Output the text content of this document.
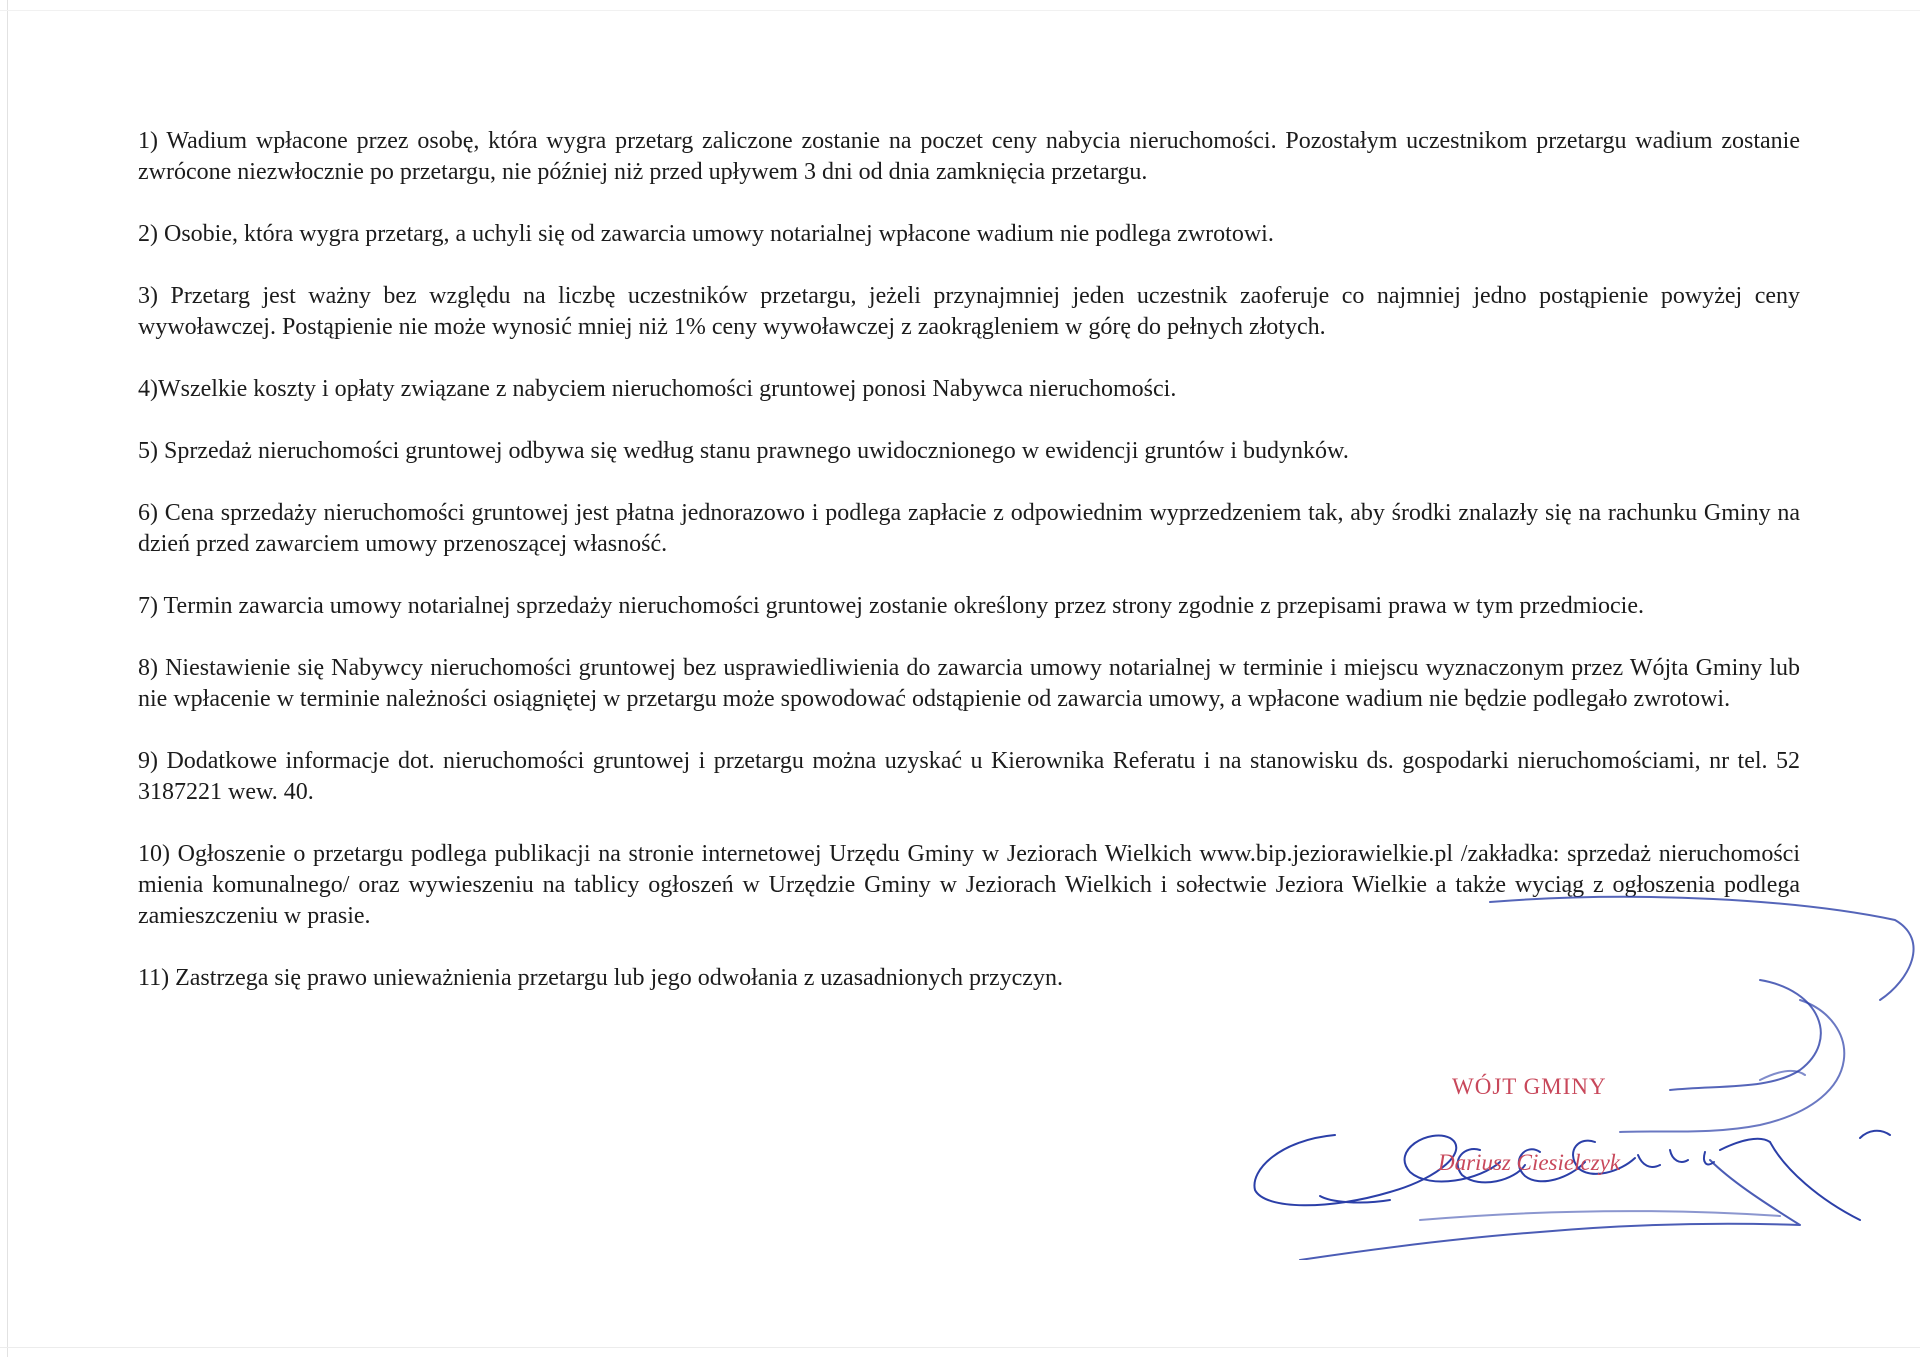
1) Wadium wpłacone przez osobę, która wygra przetarg zaliczone zostanie na poczet ceny nabycia nieruchomości. Pozostałym uczestnikom przetargu wadium zostanie zwrócone niezwłocznie po przetargu, nie później niż przed upływem 3 dni od dnia zamknięcia przetargu.

2) Osobie, która wygra przetarg, a uchyli się od zawarcia umowy notarialnej wpłacone wadium nie podlega zwrotowi.

3) Przetarg jest ważny bez względu na liczbę uczestników przetargu, jeżeli przynajmniej jeden uczestnik zaoferuje co najmniej jedno postąpienie powyżej ceny wywoławczej. Postąpienie nie może wynosić mniej niż 1% ceny wywoławczej z zaokrągleniem w górę do pełnych złotych.

4)Wszelkie koszty i opłaty związane z nabyciem nieruchomości gruntowej ponosi Nabywca nieruchomości.

5) Sprzedaż nieruchomości gruntowej odbywa się według stanu prawnego uwidocznionego w ewidencji gruntów i budynków.

6) Cena sprzedaży nieruchomości gruntowej jest płatna jednorazowo i podlega zapłacie z odpowiednim wyprzedzeniem tak, aby środki znalazły się na rachunku Gminy na dzień przed zawarciem umowy przenoszącej własność.

7) Termin zawarcia umowy notarialnej sprzedaży nieruchomości gruntowej zostanie określony przez strony zgodnie z przepisami prawa w tym przedmiocie.

8) Niestawienie się Nabywcy nieruchomości gruntowej bez usprawiedliwienia do zawarcia umowy notarialnej w terminie i miejscu wyznaczonym przez Wójta Gminy lub nie wpłacenie w terminie należności osiągniętej w przetargu może spowodować odstąpienie od zawarcia umowy, a wpłacone wadium nie będzie podlegało zwrotowi.

9) Dodatkowe informacje dot. nieruchomości gruntowej i przetargu można uzyskać u Kierownika Referatu i na stanowisku ds. gospodarki nieruchomościami, nr tel. 52 3187221 wew. 40.

10) Ogłoszenie o przetargu podlega publikacji na stronie internetowej Urzędu Gminy w Jeziorach Wielkich www.bip.jeziorawielkie.pl /zakładka: sprzedaż nieruchomości mienia komunalnego/ oraz wywieszeniu na tablicy ogłoszeń w Urzędzie Gminy w Jeziorach Wielkich i sołectwie Jeziora Wielkie a także wyciąg z ogłoszenia podlega zamieszczeniu w prasie.

11) Zastrzega się prawo unieważnienia przetargu lub jego odwołania z uzasadnionych przyczyn.

WÓJT GMINY
Dariusz Ciesielczyk
